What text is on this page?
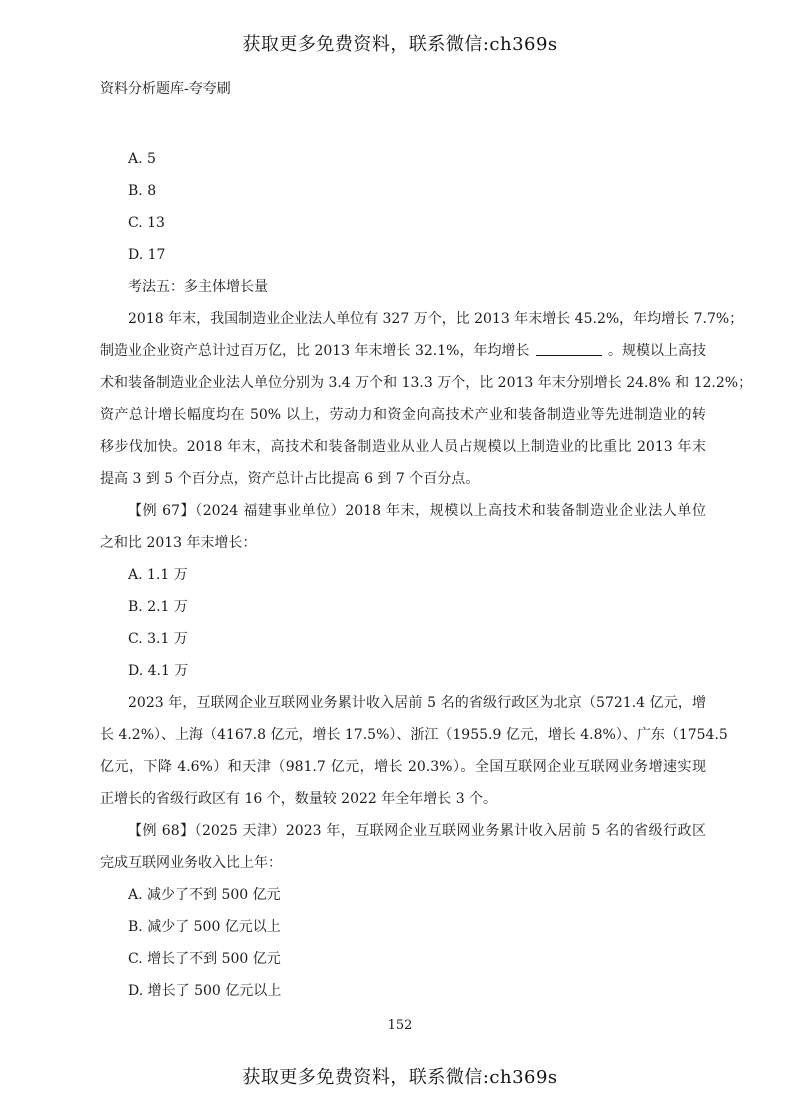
获取更多免费资料，联系微信:ch369s
资料分析题库-夸夸刷
A. 5
B. 8
C. 13
D. 17
考法五：多主体增长量
2018 年末，我国制造业企业法人单位有 327 万个，比 2013 年末增长 45.2%，年均增长 7.7%；
制造业企业资产总计过百万亿，比 2013 年末增长 32.1%，年均增长	。规模以上高技
术和装备制造业企业法人单位分别为 3.4 万个和 13.3 万个，比 2013 年末分别增长 24.8% 和 12.2%；
资产总计增长幅度均在 50% 以上，劳动力和资金向高技术产业和装备制造业等先进制造业的转
移步伐加快。2018 年末，高技术和装备制造业从业人员占规模以上制造业的比重比 2013 年末
提高 3 到 5 个百分点，资产总计占比提高 6 到 7 个百分点。
【例 67】（2024 福建事业单位）2018 年末，规模以上高技术和装备制造业企业法人单位
之和比 2013 年末增长：
A. 1.1 万
B. 2.1 万
C. 3.1 万
D. 4.1 万
2023 年，互联网企业互联网业务累计收入居前 5 名的省级行政区为北京（5721.4 亿元，增
长 4.2%）、上海（4167.8 亿元，增长 17.5%）、浙江（1955.9 亿元，增长 4.8%）、广东（1754.5
亿元，下降 4.6%）和天津（981.7 亿元，增长 20.3%）。全国互联网企业互联网业务增速实现
正增长的省级行政区有 16 个，数量较 2022 年全年增长 3 个。
【例 68】（2025 天津）2023 年，互联网企业互联网业务累计收入居前 5 名的省级行政区
完成互联网业务收入比上年：
A. 减少了不到 500 亿元
B. 减少了 500 亿元以上
C. 增长了不到 500 亿元
D. 增长了 500 亿元以上
152
获取更多免费资料，联系微信:ch369s
